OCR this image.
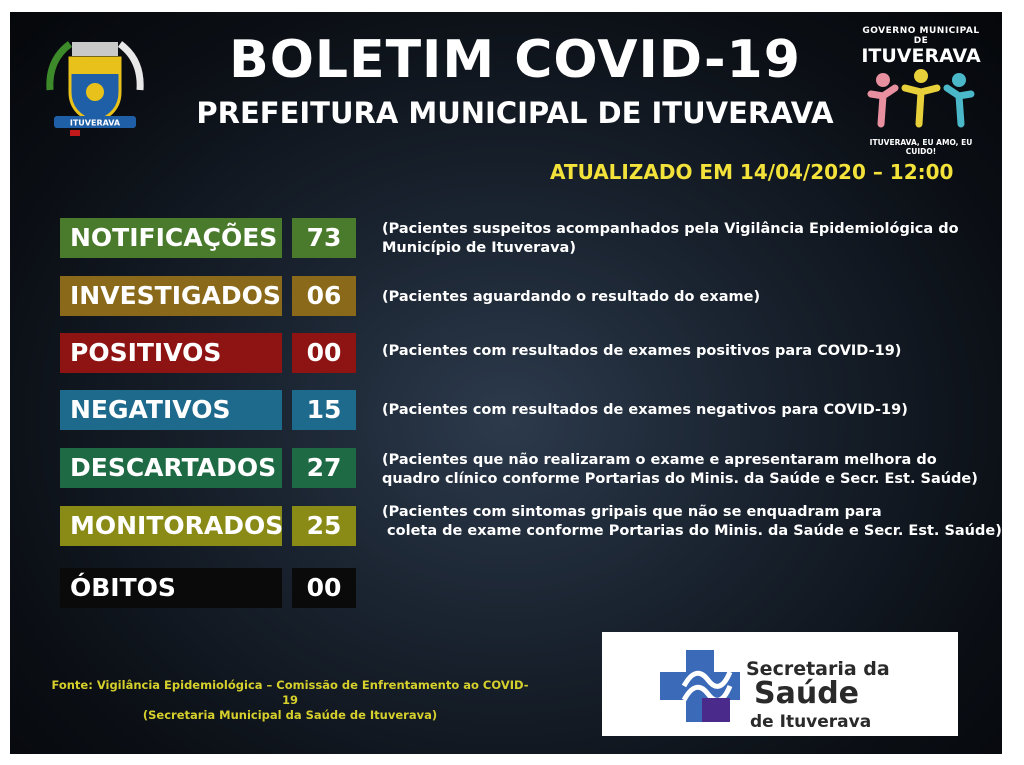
ITUVERAVA
BOLETIM COVID-19
PREFEITURA MUNICIPAL DE ITUVERAVA
GOVERNO MUNICIPAL DE
ITUVERAVA
ITUVERAVA, EU AMO, EU CUIDO!
ATUALIZADO EM 14/04/2020 – 12:00
NOTIFICAÇÕES	73	(Pacientes suspeitos acompanhados pela Vigilância Epidemiológica do
Município de Ituverava)
INVESTIGADOS	06	(Pacientes aguardando o resultado do exame)
POSITIVOS	00	(Pacientes com resultados de exames positivos para COVID-19)
NEGATIVOS	15	(Pacientes com resultados de exames negativos para COVID-19)
DESCARTADOS	27	(Pacientes que não realizaram o exame e apresentaram melhora do
quadro clínico conforme Portarias do Minis. da Saúde e Secr. Est. Saúde)
MONITORADOS 25	(Pacientes com sintomas gripais que não se enquadram para
coleta de exame conforme Portarias do Minis. da Saúde e Secr. Est. Saúde)
ÓBITOS	00
Fonte: Vigilância Epidemiológica – Comissão de Enfrentamento ao COVID-19
(Secretaria Municipal da Saúde de Ituverava)
Secretaria da
Saúde
de Ituverava
